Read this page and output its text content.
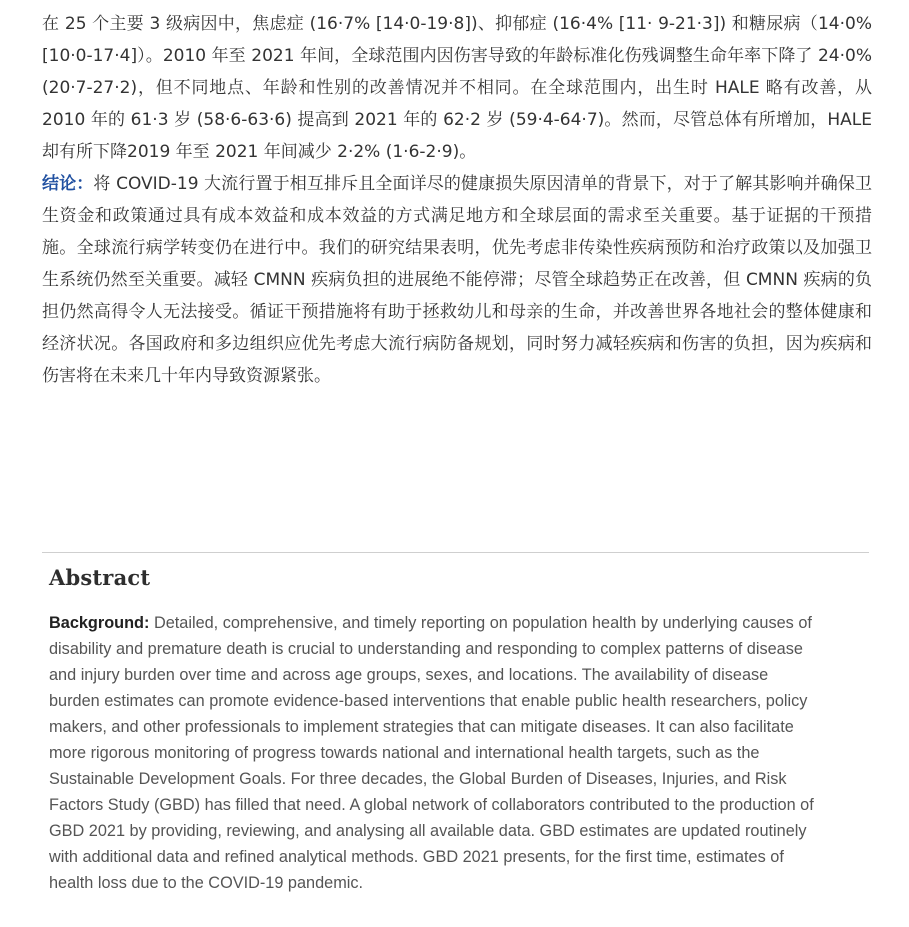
在 25 个主要 3 级病因中，焦虑症 (16·7% [14·0-19·8])、抑郁症 (16·4% [11· 9-21·3]) 和糖尿病（14·0% [10·0-17·4]）。2010 年至 2021 年间，全球范围内因伤害导致的年龄标准化伤残调整生命年率下降了 24·0% (20·7-27·2)，但不同地点、年龄和性别的改善情况并不相同。在全球范围内，出生时 HALE 略有改善，从 2010 年的 61·3 岁 (58·6-63·6) 提高到 2021 年的 62·2 岁 (59·4-64·7)。然而，尽管总体有所增加，HALE 却有所下降2019 年至 2021 年间减少 2·2% (1·6-2·9)。

结论：将 COVID-19 大流行置于相互排斥且全面详尽的健康损失原因清单的背景下，对于了解其影响并确保卫生资金和政策通过具有成本效益和成本效益的方式满足地方和全球层面的需求至关重要。基于证据的干预措施。全球流行病学转变仍在进行中。我们的研究结果表明，优先考虑非传染性疾病预防和治疗政策以及加强卫生系统仍然至关重要。减轻 CMNN 疾病负担的进展绝不能停滞；尽管全球趋势正在改善，但 CMNN 疾病的负担仍然高得令人无法接受。循证干预措施将有助于拯救幼儿和母亲的生命，并改善世界各地社会的整体健康和经济状况。各国政府和多边组织应优先考虑大流行病防备规划，同时努力减轻疾病和伤害的负担，因为疾病和伤害将在未来几十年内导致资源紧张。

Abstract

Background: Detailed, comprehensive, and timely reporting on population health by underlying causes of disability and premature death is crucial to understanding and responding to complex patterns of disease and injury burden over time and across age groups, sexes, and locations. The availability of disease burden estimates can promote evidence-based interventions that enable public health researchers, policy makers, and other professionals to implement strategies that can mitigate diseases. It can also facilitate more rigorous monitoring of progress towards national and international health targets, such as the Sustainable Development Goals. For three decades, the Global Burden of Diseases, Injuries, and Risk Factors Study (GBD) has filled that need. A global network of collaborators contributed to the production of GBD 2021 by providing, reviewing, and analysing all available data. GBD estimates are updated routinely with additional data and refined analytical methods. GBD 2021 presents, for the first time, estimates of health loss due to the COVID-19 pandemic.
